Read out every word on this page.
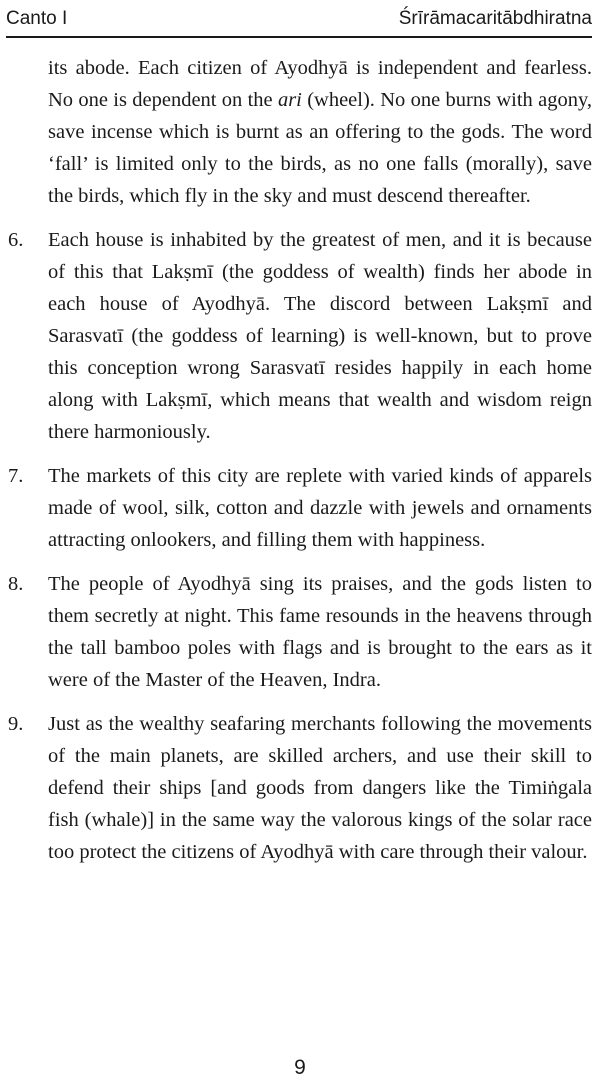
Canto I	Śrīrāmacaritābdhiratna

its abode. Each citizen of Ayodhyā is independent and fearless. No one is dependent on the ari (wheel). No one burns with agony, save incense which is burnt as an offering to the gods. The word ‘fall’ is limited only to the birds, as no one falls (morally), save the birds, which fly in the sky and must descend thereafter.

6.	Each house is inhabited by the greatest of men, and it is because of this that Lakṣmī (the goddess of wealth) finds her abode in each house of Ayodhyā. The discord between Lakṣmī and Sarasvatī (the goddess of learning) is well-known, but to prove this conception wrong Sarasvatī resides happily in each home along with Lakṣmī, which means that wealth and wisdom reign there harmoniously.
7.	The markets of this city are replete with varied kinds of apparels made of wool, silk, cotton and dazzle with jewels and ornaments attracting onlookers, and filling them with happiness.
8.	The people of Ayodhyā sing its praises, and the gods listen to them secretly at night. This fame resounds in the heavens through the tall bamboo poles with flags and is brought to the ears as it were of the Master of the Heaven, Indra.
9.	Just as the wealthy seafaring merchants following the movements of the main planets, are skilled archers, and use their skill to defend their ships [and goods from dangers like the Timiṅgala fish (whale)] in the same way the valorous kings of the solar race too protect the citizens of Ayodhyā with care through their valour.
9
